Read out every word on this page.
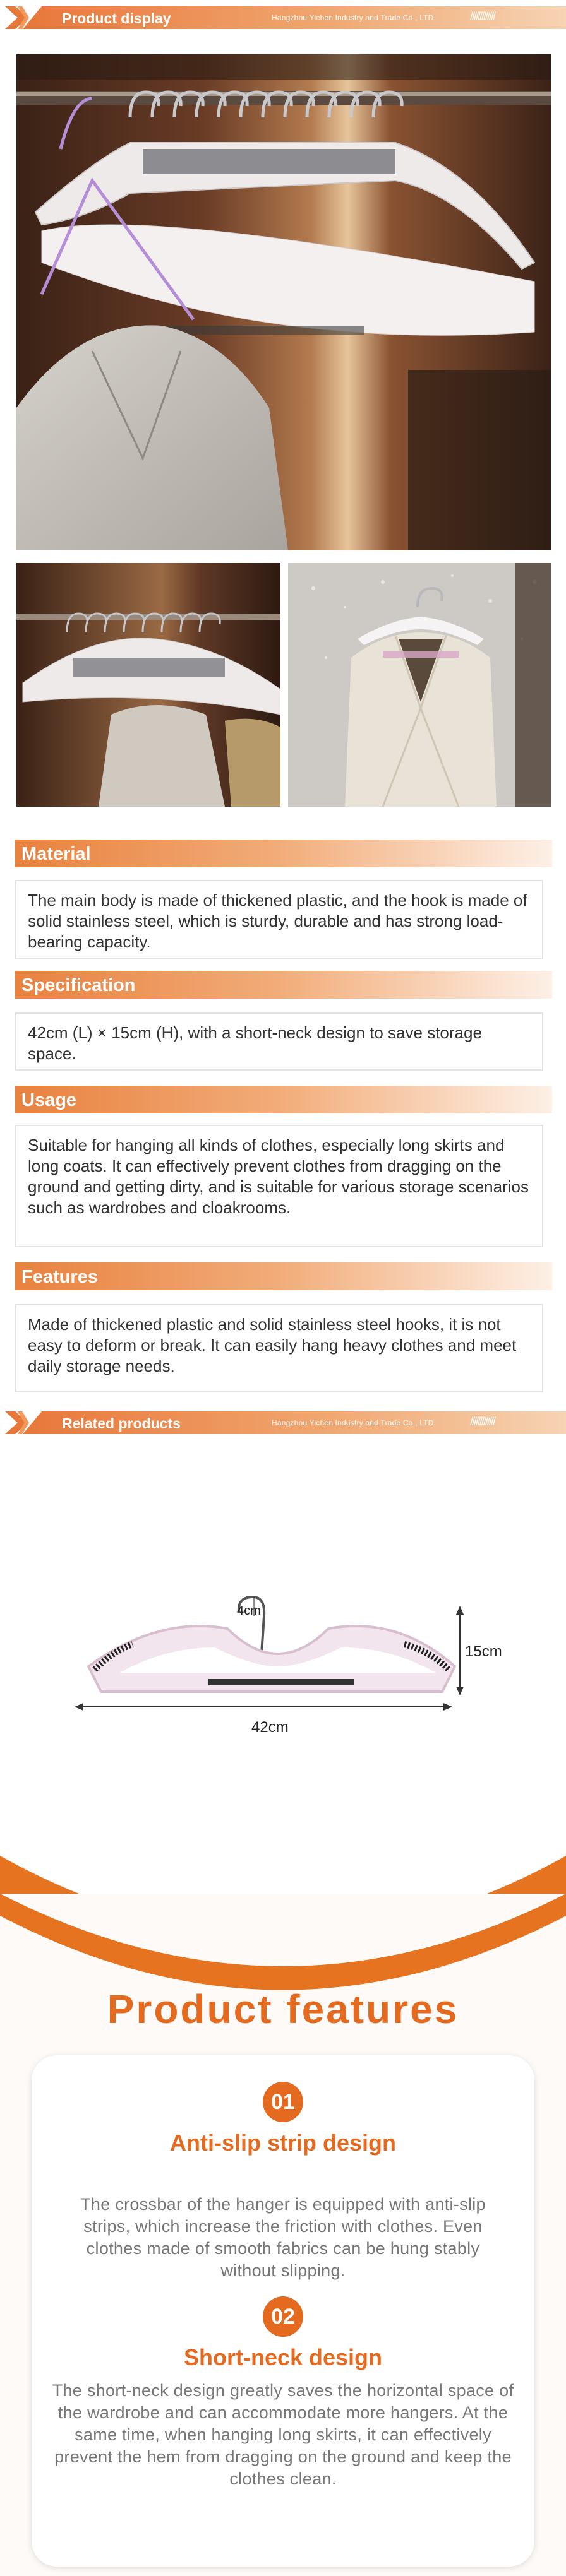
Product display	Hangzhou Yichen Industry and Trade Co., LTD	/////////////
Material
The main body is made of thickened plastic, and the hook is made of solid stainless steel, which is sturdy, durable and has strong load-bearing capacity.
Specification
42cm (L) × 15cm (H), with a short-neck design to save storage space.
Usage
Suitable for hanging all kinds of clothes, especially long skirts and long coats. It can effectively prevent clothes from dragging on the ground and getting dirty, and is suitable for various storage scenarios such as wardrobes and cloakrooms.
Features
Made of thickened plastic and solid stainless steel hooks, it is not easy to deform or break. It can easily hang heavy clothes and meet daily storage needs.
Related products	Hangzhou Yichen Industry and Trade Co., LTD	/////////////
4cm
15cm
42cm
Product features
01
Anti-slip strip design
The crossbar of the hanger is equipped with anti-slip strips, which increase the friction with clothes. Even clothes made of smooth fabrics can be hung stably without slipping.
02
Short-neck design
The short-neck design greatly saves the horizontal space of the wardrobe and can accommodate more hangers. At the same time, when hanging long skirts, it can effectively prevent the hem from dragging on the ground and keep the clothes clean.
